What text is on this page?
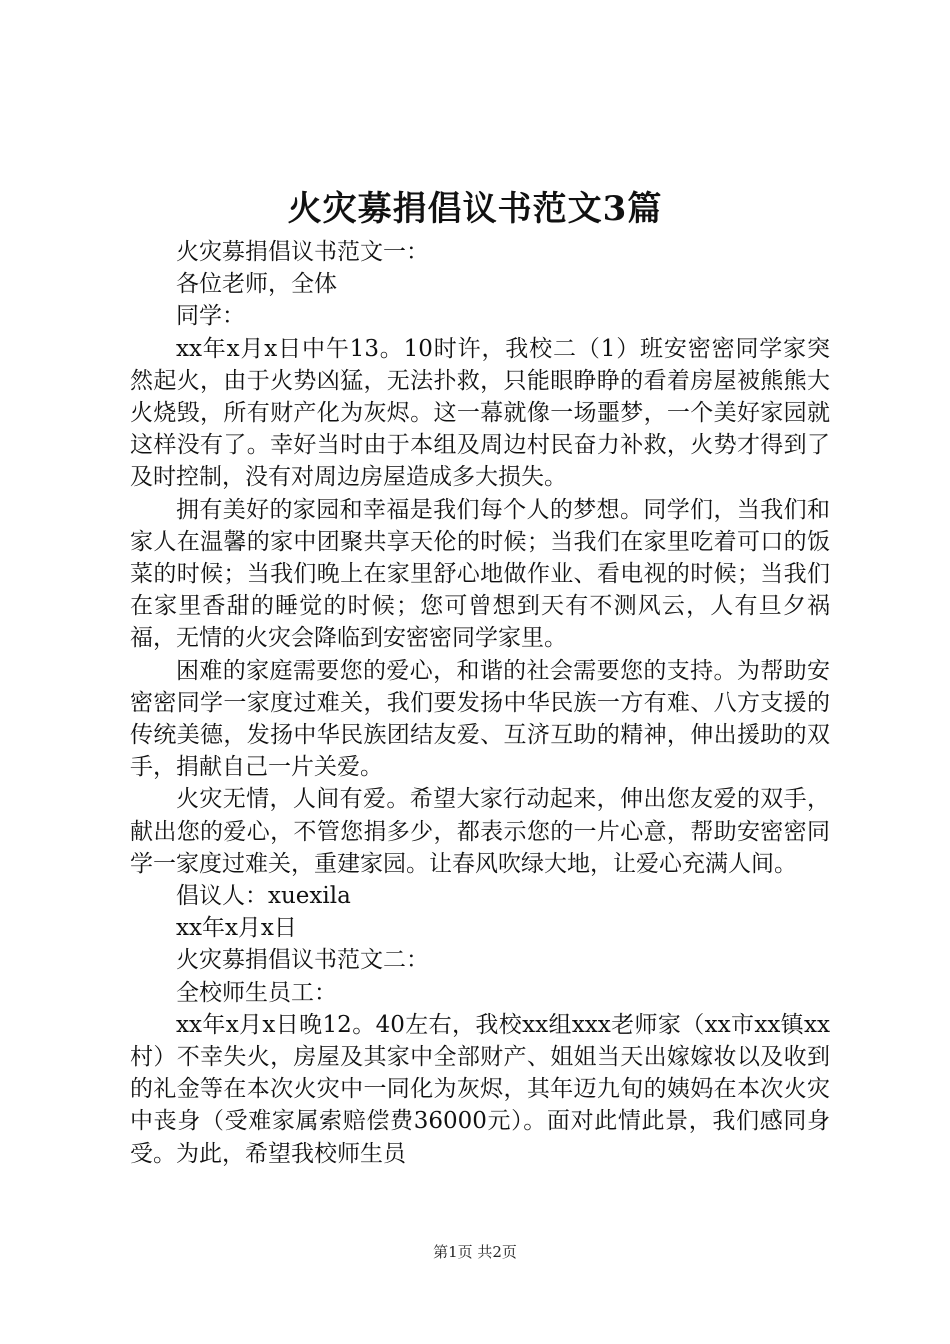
火灾募捐倡议书范文3篇

火灾募捐倡议书范文一：

各位老师，全体

同学：

xx年x月x日中午13。10时许，我校二（1）班安密密同学家突然起火，由于火势凶猛，无法扑救，只能眼睁睁的看着房屋被熊熊大火烧毁，所有财产化为灰烬。这一幕就像一场噩梦，一个美好家园就这样没有了。幸好当时由于本组及周边村民奋力补救，火势才得到了及时控制，没有对周边房屋造成多大损失。

拥有美好的家园和幸福是我们每个人的梦想。同学们，当我们和家人在温馨的家中团聚共享天伦的时候；当我们在家里吃着可口的饭菜的时候；当我们晚上在家里舒心地做作业、看电视的时候；当我们在家里香甜的睡觉的时候；您可曾想到天有不测风云，人有旦夕祸福，无情的火灾会降临到安密密同学家里。

困难的家庭需要您的爱心，和谐的社会需要您的支持。为帮助安密密同学一家度过难关，我们要发扬中华民族一方有难、八方支援的传统美德，发扬中华民族团结友爱、互济互助的精神，伸出援助的双手，捐献自己一片关爱。

火灾无情，人间有爱。希望大家行动起来，伸出您友爱的双手，献出您的爱心，不管您捐多少，都表示您的一片心意，帮助安密密同学一家度过难关，重建家园。让春风吹绿大地，让爱心充满人间。

倡议人：xuexila

xx年x月x日

火灾募捐倡议书范文二：

全校师生员工：

xx年x月x日晚12。40左右，我校xx组xxx老师家（xx市xx镇xx村）不幸失火，房屋及其家中全部财产、姐姐当天出嫁嫁妆以及收到的礼金等在本次火灾中一同化为灰烬，其年迈九旬的姨妈在本次火灾中丧身（受难家属索赔偿费36000元）。面对此情此景，我们感同身受。为此，希望我校师生员

第1页 共2页
